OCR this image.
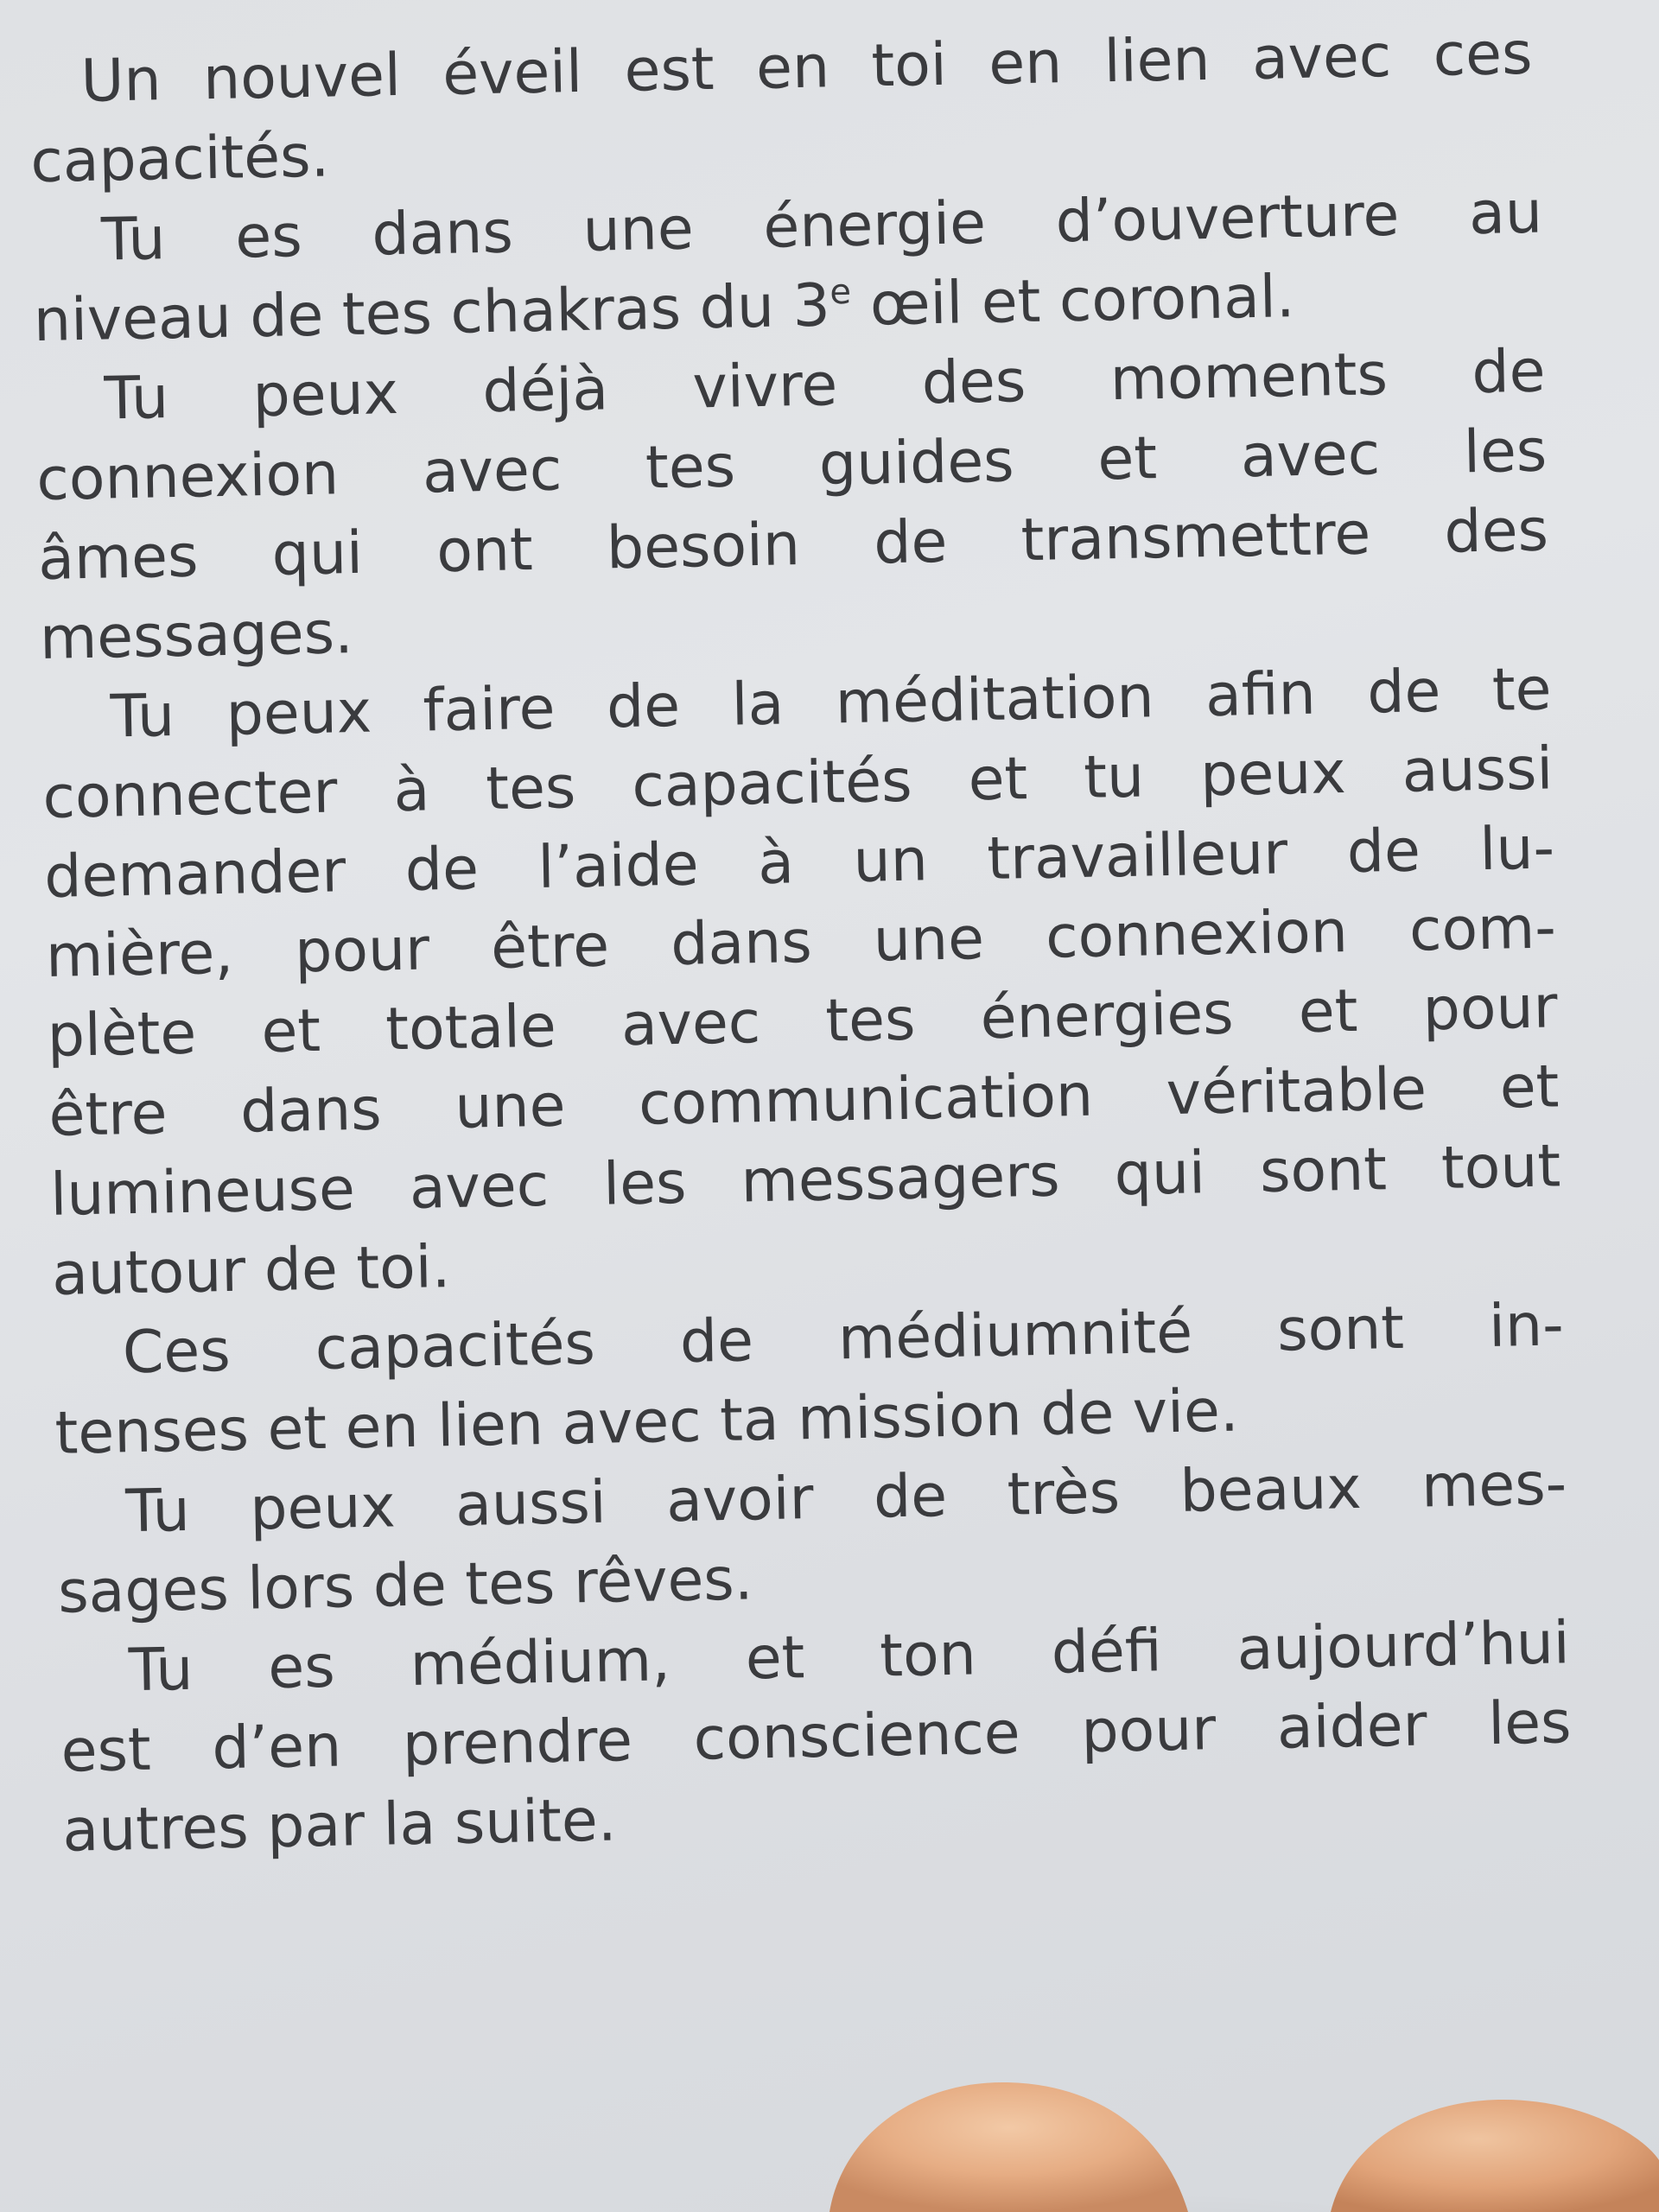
Un nouvel éveil est en toi en lien avec ces
capacités.
Tu es dans une énergie d’ouverture au
niveau de tes chakras du 3e œil et coronal.
Tu peux déjà vivre des moments de
connexion avec tes guides et avec les
âmes qui ont besoin de transmettre des
messages.
Tu peux faire de la méditation afin de te
connecter à tes capacités et tu peux aussi
demander de l’aide à un travailleur de lu-
mière, pour être dans une connexion com-
plète et totale avec tes énergies et pour
être dans une communication véritable et
lumineuse avec les messagers qui sont tout
autour de toi.
Ces capacités de médiumnité sont in-
tenses et en lien avec ta mission de vie.
Tu peux aussi avoir de très beaux mes-
sages lors de tes rêves.
Tu es médium, et ton défi aujourd’hui
est d’en prendre conscience pour aider les
autres par la suite.
